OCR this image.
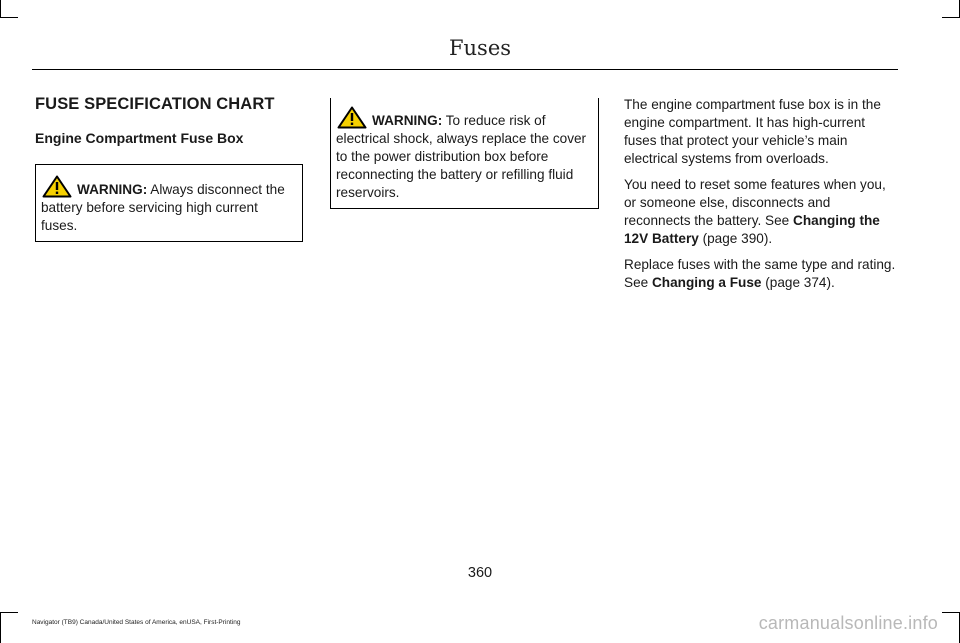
Fuses
FUSE SPECIFICATION CHART
Engine Compartment Fuse Box
WARNING: Always disconnect the battery before servicing high current fuses.
WARNING: To reduce risk of electrical shock, always replace the cover to the power distribution box before reconnecting the battery or refilling fluid reservoirs.

The engine compartment fuse box is in the engine compartment. It has high-current fuses that protect your vehicle’s main electrical systems from overloads.

You need to reset some features when you, or someone else, disconnects and reconnects the battery. See Changing the 12V Battery (page 390).

Replace fuses with the same type and rating. See Changing a Fuse (page 374).

360
Navigator (TB9) Canada/United States of America, enUSA, First-Printing	carmanualsonline.info
